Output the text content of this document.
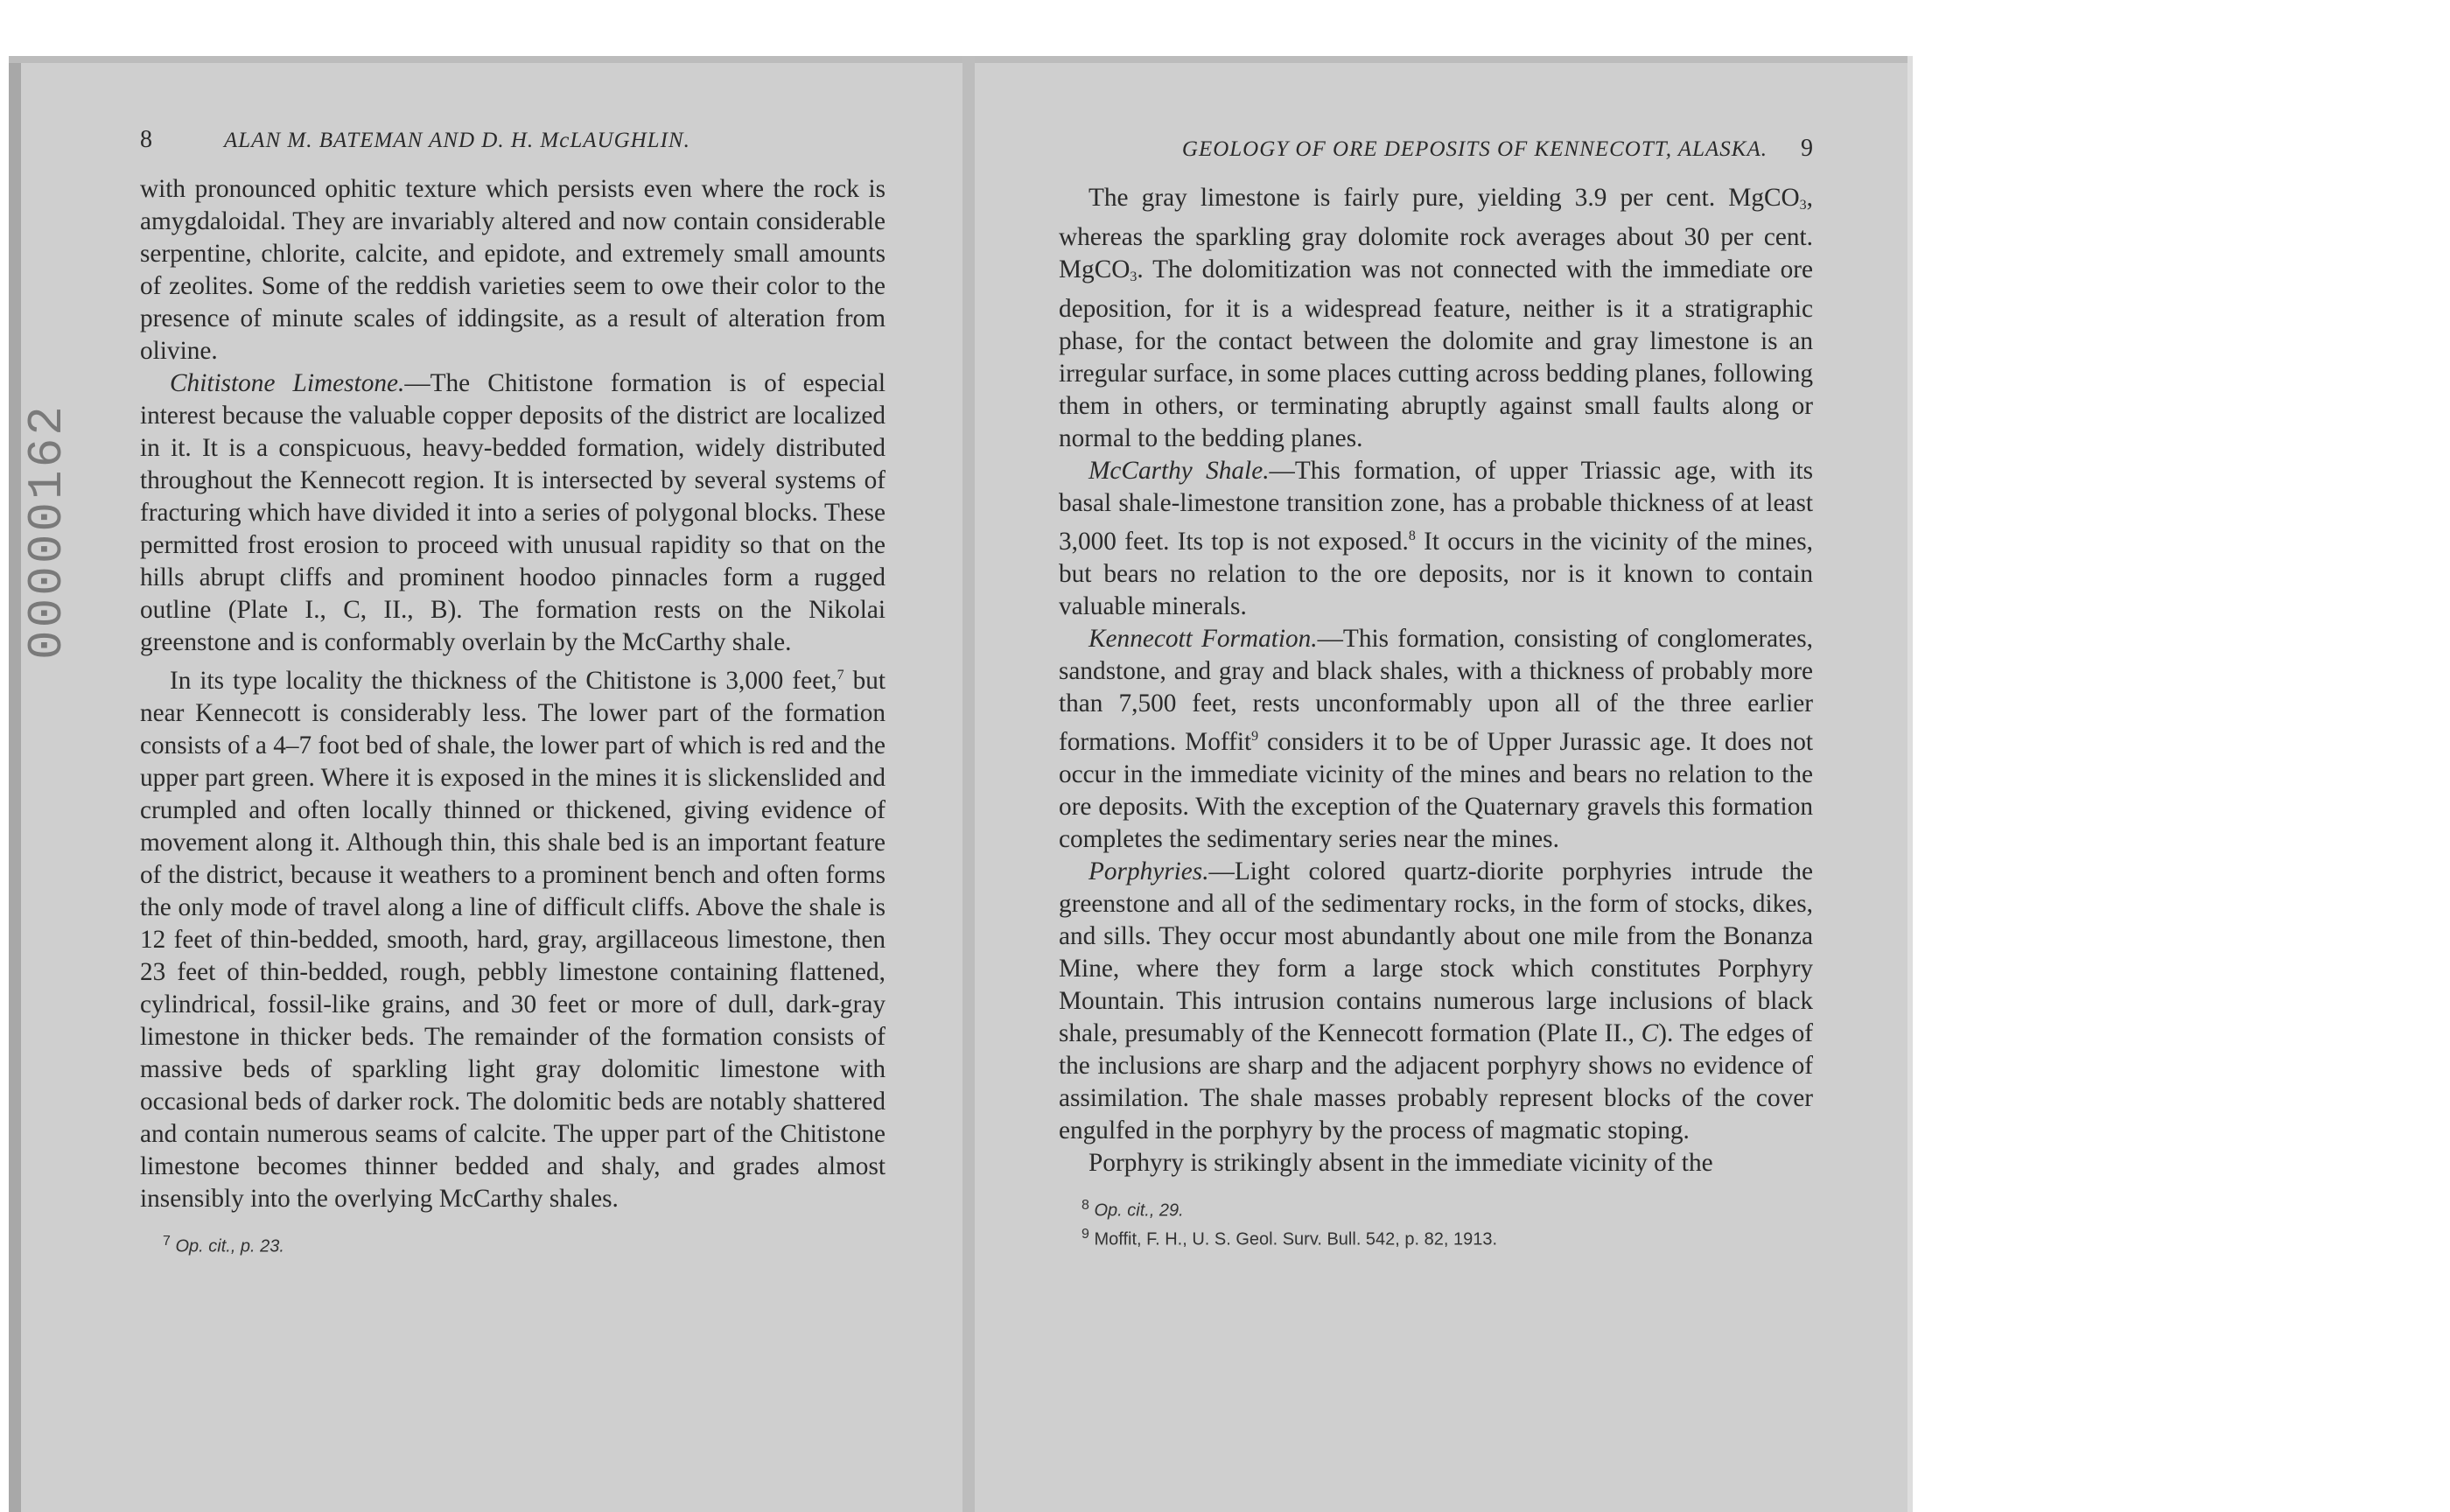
00000162
8	ALAN M. BATEMAN AND D. H. McLAUGHLIN.

with pronounced ophitic texture which persists even where the rock is amygdaloidal. They are invariably altered and now contain considerable serpentine, chlorite, calcite, and epidote, and extremely small amounts of zeolites. Some of the reddish varieties seem to owe their color to the presence of minute scales of iddingsite, as a result of alteration from olivine.

Chitistone Limestone.—The Chitistone formation is of especial interest because the valuable copper deposits of the district are localized in it. It is a conspicuous, heavy-bedded formation, widely distributed throughout the Kennecott region. It is intersected by several systems of fracturing which have divided it into a series of polygonal blocks. These permitted frost erosion to proceed with unusual rapidity so that on the hills abrupt cliffs and prominent hoodoo pinnacles form a rugged outline (Plate I., C, II., B). The formation rests on the Nikolai greenstone and is conformably overlain by the McCarthy shale.

In its type locality the thickness of the Chitistone is 3,000 feet,$^7$ but near Kennecott is considerably less. The lower part of the formation consists of a 4–7 foot bed of shale, the lower part of which is red and the upper part green. Where it is exposed in the mines it is slickenslided and crumpled and often locally thinned or thickened, giving evidence of movement along it. Although thin, this shale bed is an important feature of the district, because it weathers to a prominent bench and often forms the only mode of travel along a line of difficult cliffs. Above the shale is 12 feet of thin-bedded, smooth, hard, gray, argillaceous limestone, then 23 feet of thin-bedded, rough, pebbly limestone containing flattened, cylindrical, fossil-like grains, and 30 feet or more of dull, dark-gray limestone in thicker beds. The remainder of the formation consists of massive beds of sparkling light gray dolomitic limestone with occasional beds of darker rock. The dolomitic beds are notably shattered and contain numerous seams of calcite. The upper part of the Chitistone limestone becomes thinner bedded and shaly, and grades almost insensibly into the overlying McCarthy shales.

$^7$ Op. cit., p. 23.
GEOLOGY OF ORE DEPOSITS OF KENNECOTT, ALASKA. 9

The gray limestone is fairly pure, yielding 3.9 per cent. MgCO$_3$, whereas the sparkling gray dolomite rock averages about 30 per cent. MgCO$_3$. The dolomitization was not connected with the immediate ore deposition, for it is a widespread feature, neither is it a stratigraphic phase, for the contact between the dolomite and gray limestone is an irregular surface, in some places cutting across bedding planes, following them in others, or terminating abruptly against small faults along or normal to the bedding planes.

McCarthy Shale.—This formation, of upper Triassic age, with its basal shale-limestone transition zone, has a probable thickness of at least 3,000 feet. Its top is not exposed.$^8$ It occurs in the vicinity of the mines, but bears no relation to the ore deposits, nor is it known to contain valuable minerals.

Kennecott Formation.—This formation, consisting of conglomerates, sandstone, and gray and black shales, with a thickness of probably more than 7,500 feet, rests unconformably upon all of the three earlier formations. Moffit$^9$ considers it to be of Upper Jurassic age. It does not occur in the immediate vicinity of the mines and bears no relation to the ore deposits. With the exception of the Quaternary gravels this formation completes the sedimentary series near the mines.

Porphyries.—Light colored quartz-diorite porphyries intrude the greenstone and all of the sedimentary rocks, in the form of stocks, dikes, and sills. They occur most abundantly about one mile from the Bonanza Mine, where they form a large stock which constitutes Porphyry Mountain. This intrusion contains numerous large inclusions of black shale, presumably of the Kennecott formation (Plate II., C). The edges of the inclusions are sharp and the adjacent porphyry shows no evidence of assimilation. The shale masses probably represent blocks of the cover engulfed in the porphyry by the process of magmatic stoping.

Porphyry is strikingly absent in the immediate vicinity of the

$^8$ Op. cit., 29.
$^9$ Moffit, F. H., U. S. Geol. Surv. Bull. 542, p. 82, 1913.
